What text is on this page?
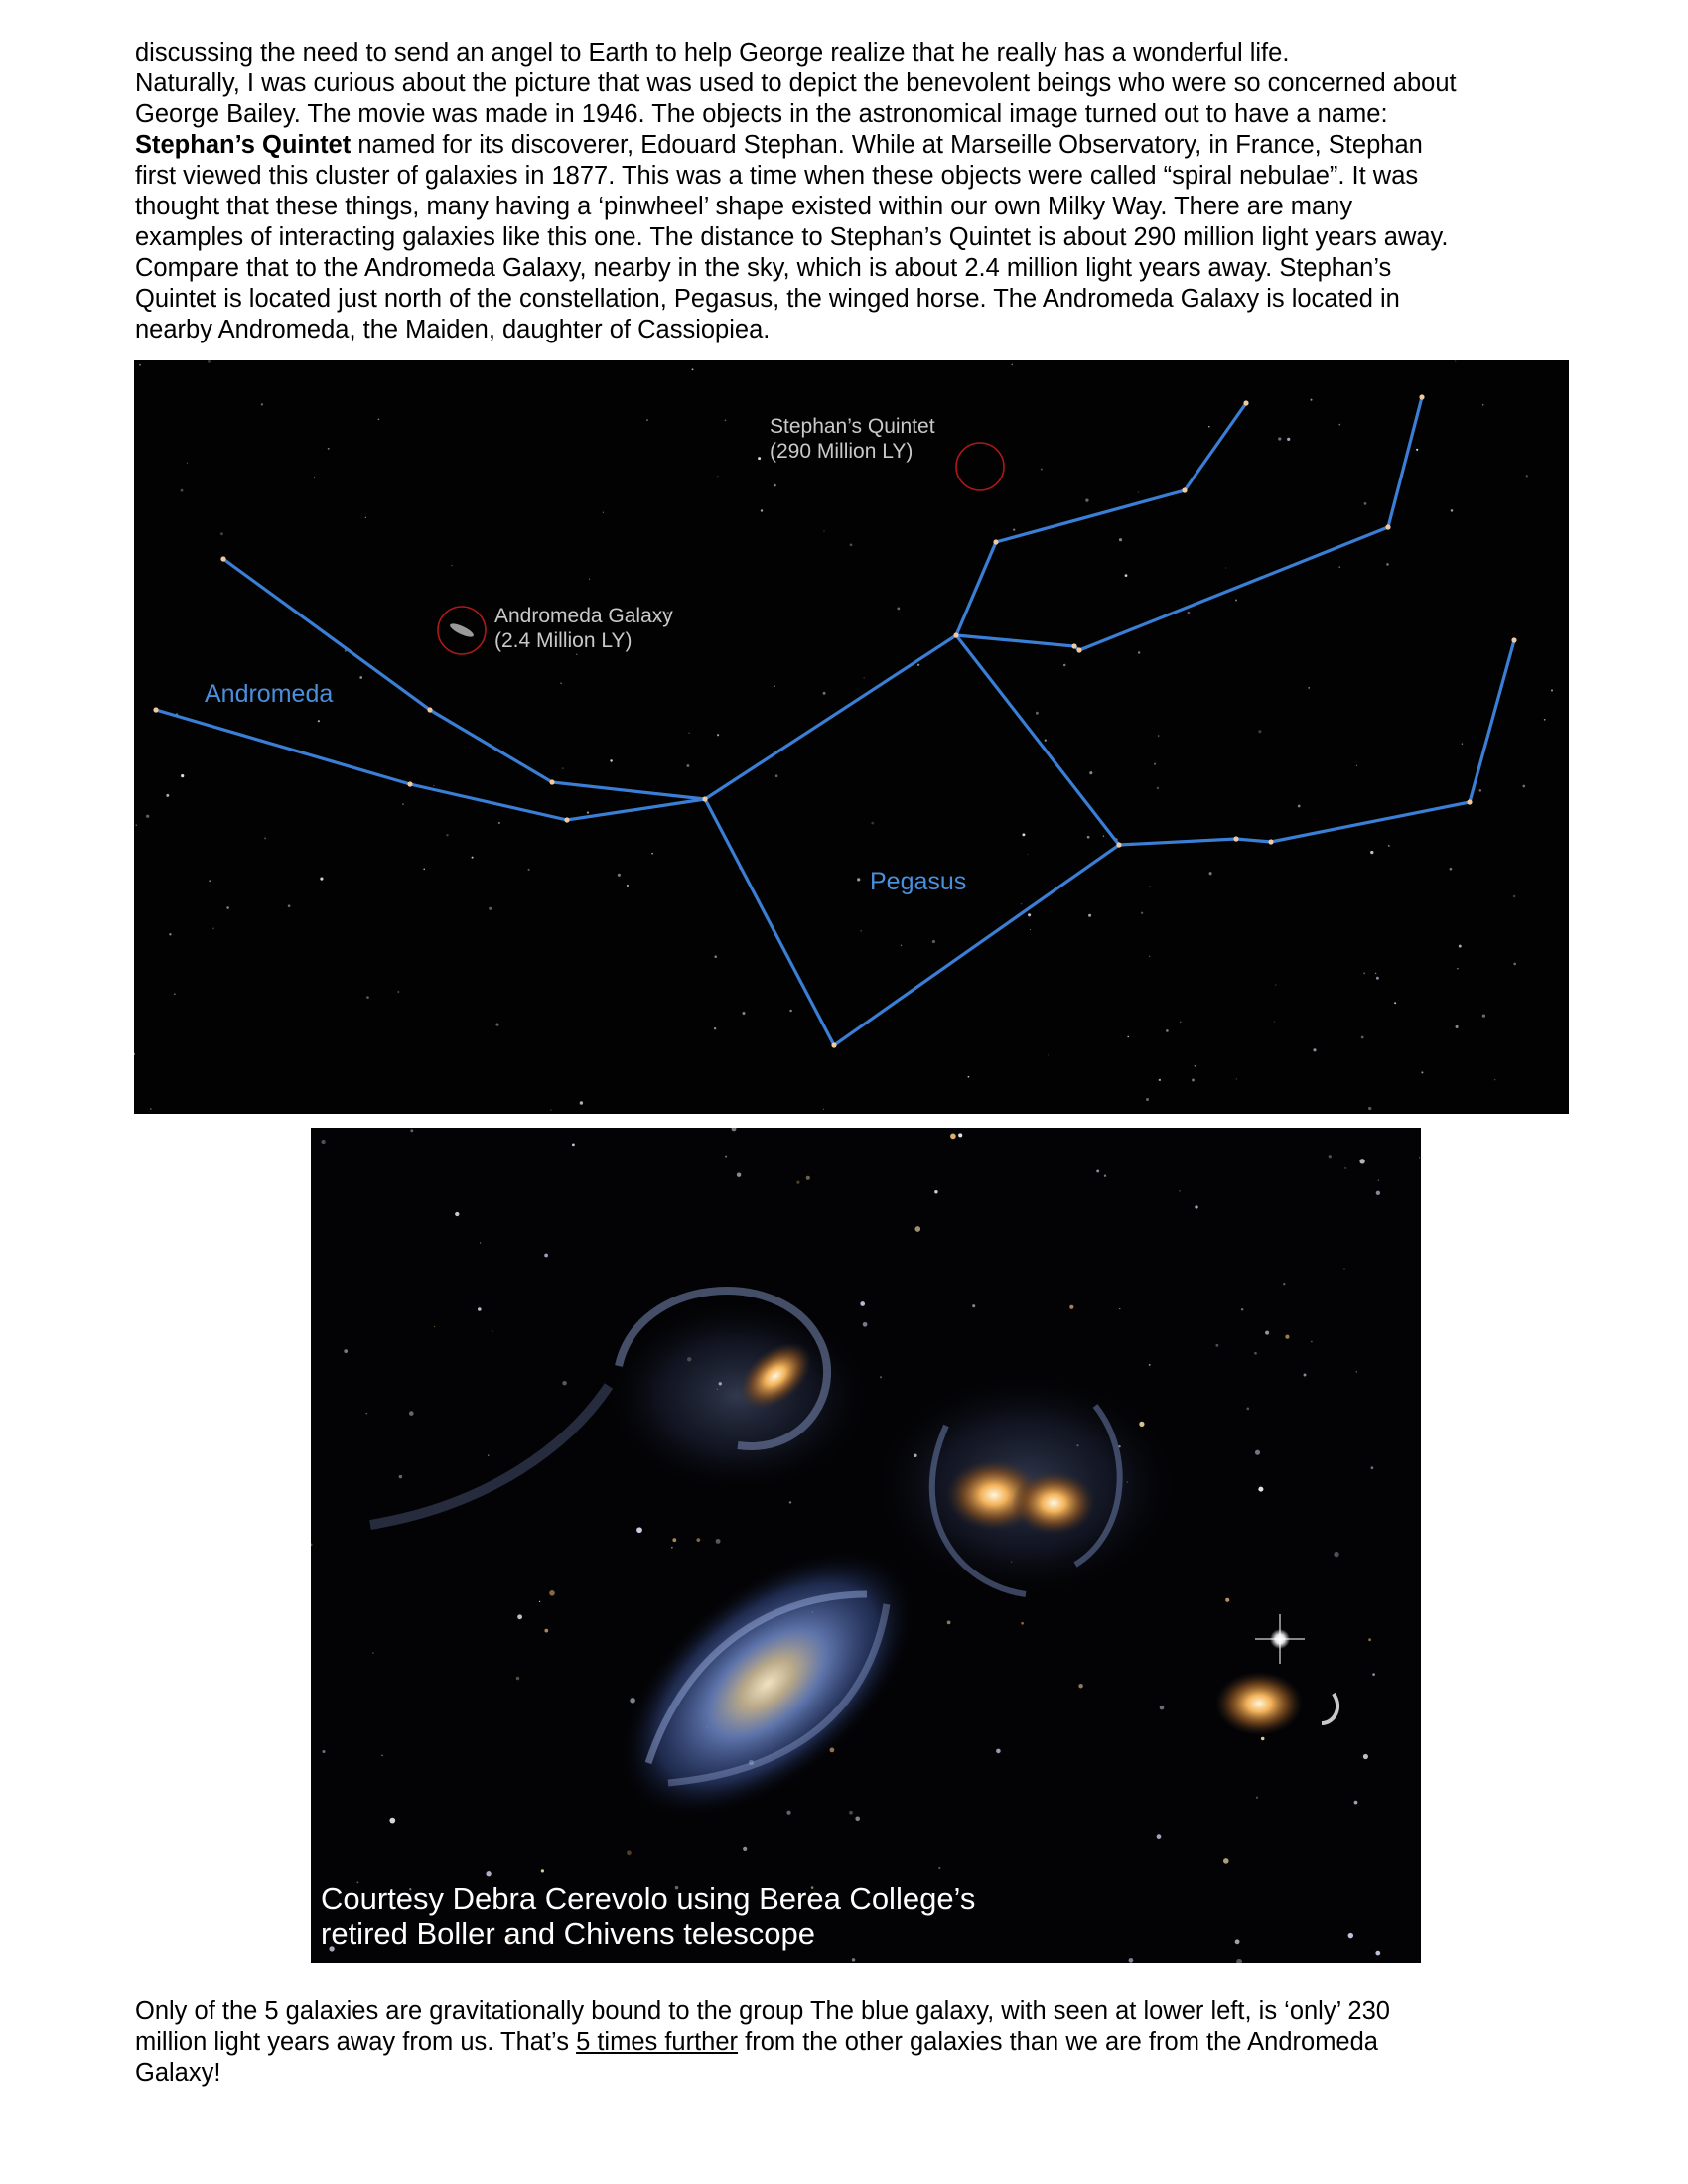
discussing the need to send an angel to Earth to help George realize that he really has a wonderful life.
Naturally, I was curious about the picture that was used to depict the benevolent beings who were so concerned about
George Bailey. The movie was made in 1946. The objects in the astronomical image turned out to have a name:
Stephan’s Quintet named for its discoverer, Edouard Stephan. While at Marseille Observatory, in France, Stephan
first viewed this cluster of galaxies in 1877. This was a time when these objects were called “spiral nebulae”. It was
thought that these things, many having a ‘pinwheel’ shape existed within our own Milky Way. There are many
examples of interacting galaxies like this one. The distance to Stephan’s Quintet is about 290 million light years away.
Compare that to the Andromeda Galaxy, nearby in the sky, which is about 2.4 million light years away. Stephan’s
Quintet is located just north of the constellation, Pegasus, the winged horse. The Andromeda Galaxy is located in
nearby Andromeda, the Maiden, daughter of Cassiopiea.
Andromeda
Pegasus
Stephan’s Quintet
(290 Million LY)
Andromeda Galaxy
(2.4 Million LY)
Courtesy Debra Cerevolo using Berea College’s
retired Boller and Chivens telescope
Only of the 5 galaxies are gravitationally bound to the group The blue galaxy, with seen at lower left, is ‘only’ 230
million light years away from us. That’s 5 times further from the other galaxies than we are from the Andromeda
Galaxy!
